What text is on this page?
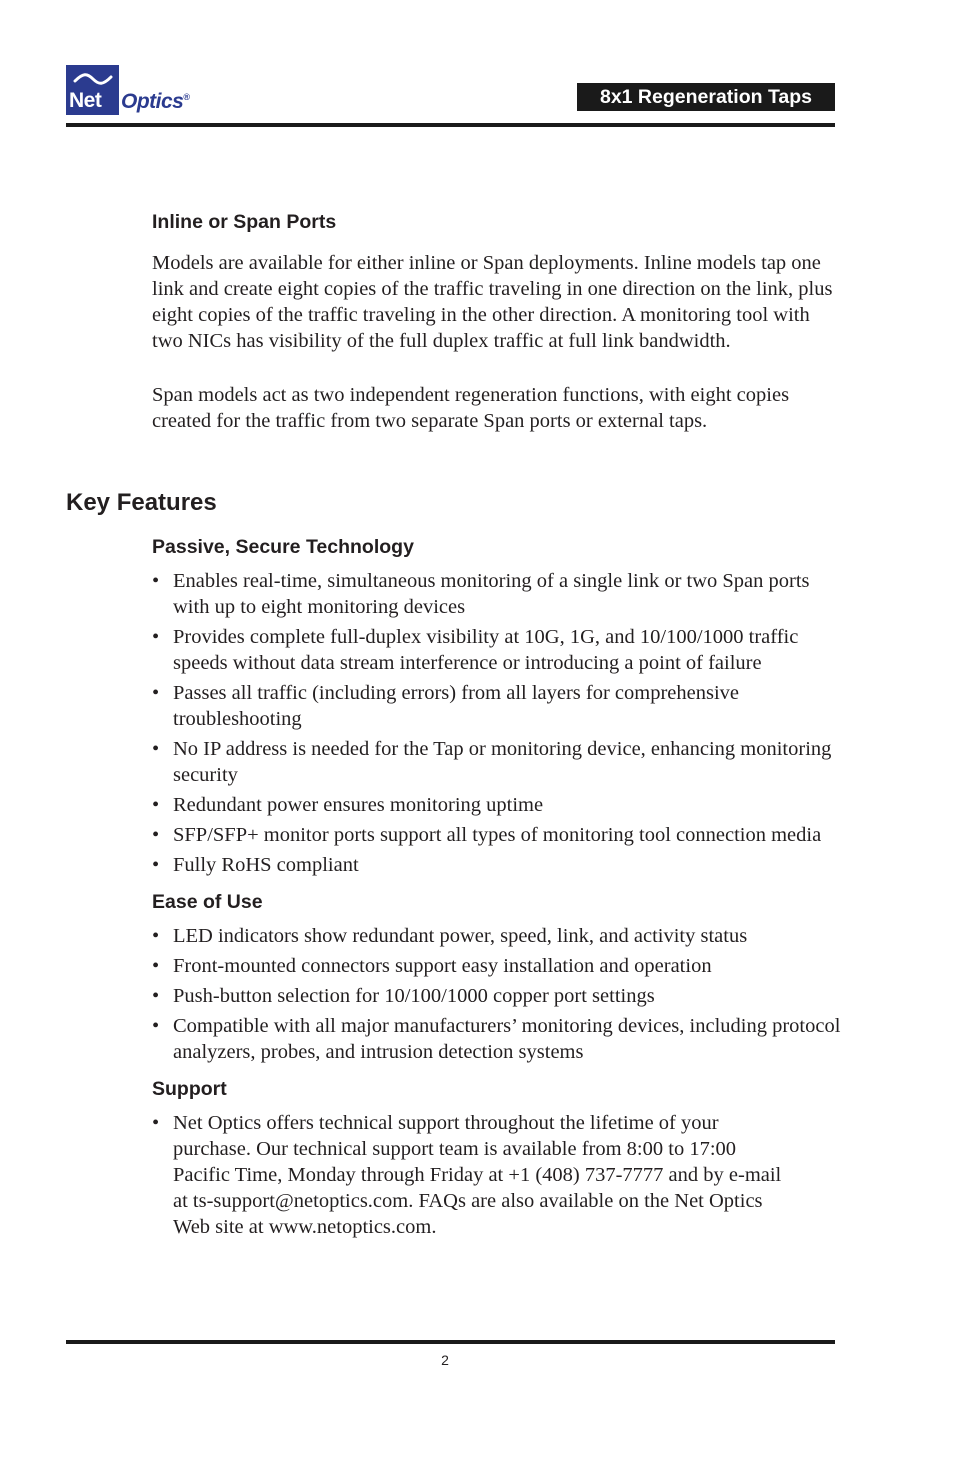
Net Optics®	8x1 Regeneration Taps
Inline or Span Ports

Models are available for either inline or Span deployments. Inline models tap one link and create eight copies of the traffic traveling in one direction on the link, plus eight copies of the traffic traveling in the other direction. A monitoring tool with two NICs has visibility of the full duplex traffic at full link bandwidth.

Span models act as two independent regeneration functions, with eight copies created for the traffic from two separate Span ports or external taps.

Key Features
Passive, Secure Technology
• Enables real-time, simultaneous monitoring of a single link or two Span ports with up to eight monitoring devices
• Provides complete full-duplex visibility at 10G, 1G, and 10/100/1000 traffic speeds without data stream interference or introducing a point of failure
• Passes all traffic (including errors) from all layers for comprehensive troubleshooting
• No IP address is needed for the Tap or monitoring device, enhancing monitoring security
• Redundant power ensures monitoring uptime
• SFP/SFP+ monitor ports support all types of monitoring tool connection media
• Fully RoHS compliant
Ease of Use
• LED indicators show redundant power, speed, link, and activity status
• Front-mounted connectors support easy installation and operation
• Push-button selection for 10/100/1000 copper port settings
• Compatible with all major manufacturers’ monitoring devices, including protocol analyzers, probes, and intrusion detection systems
Support
• Net Optics offers technical support throughout the lifetime of your purchase. Our technical support team is available from 8:00 to 17:00 Pacific Time, Monday through Friday at +1 (408) 737-7777 and by e-mail at ts-support@netoptics.com. FAQs are also available on the Net Optics Web site at www.netoptics.com.
2
